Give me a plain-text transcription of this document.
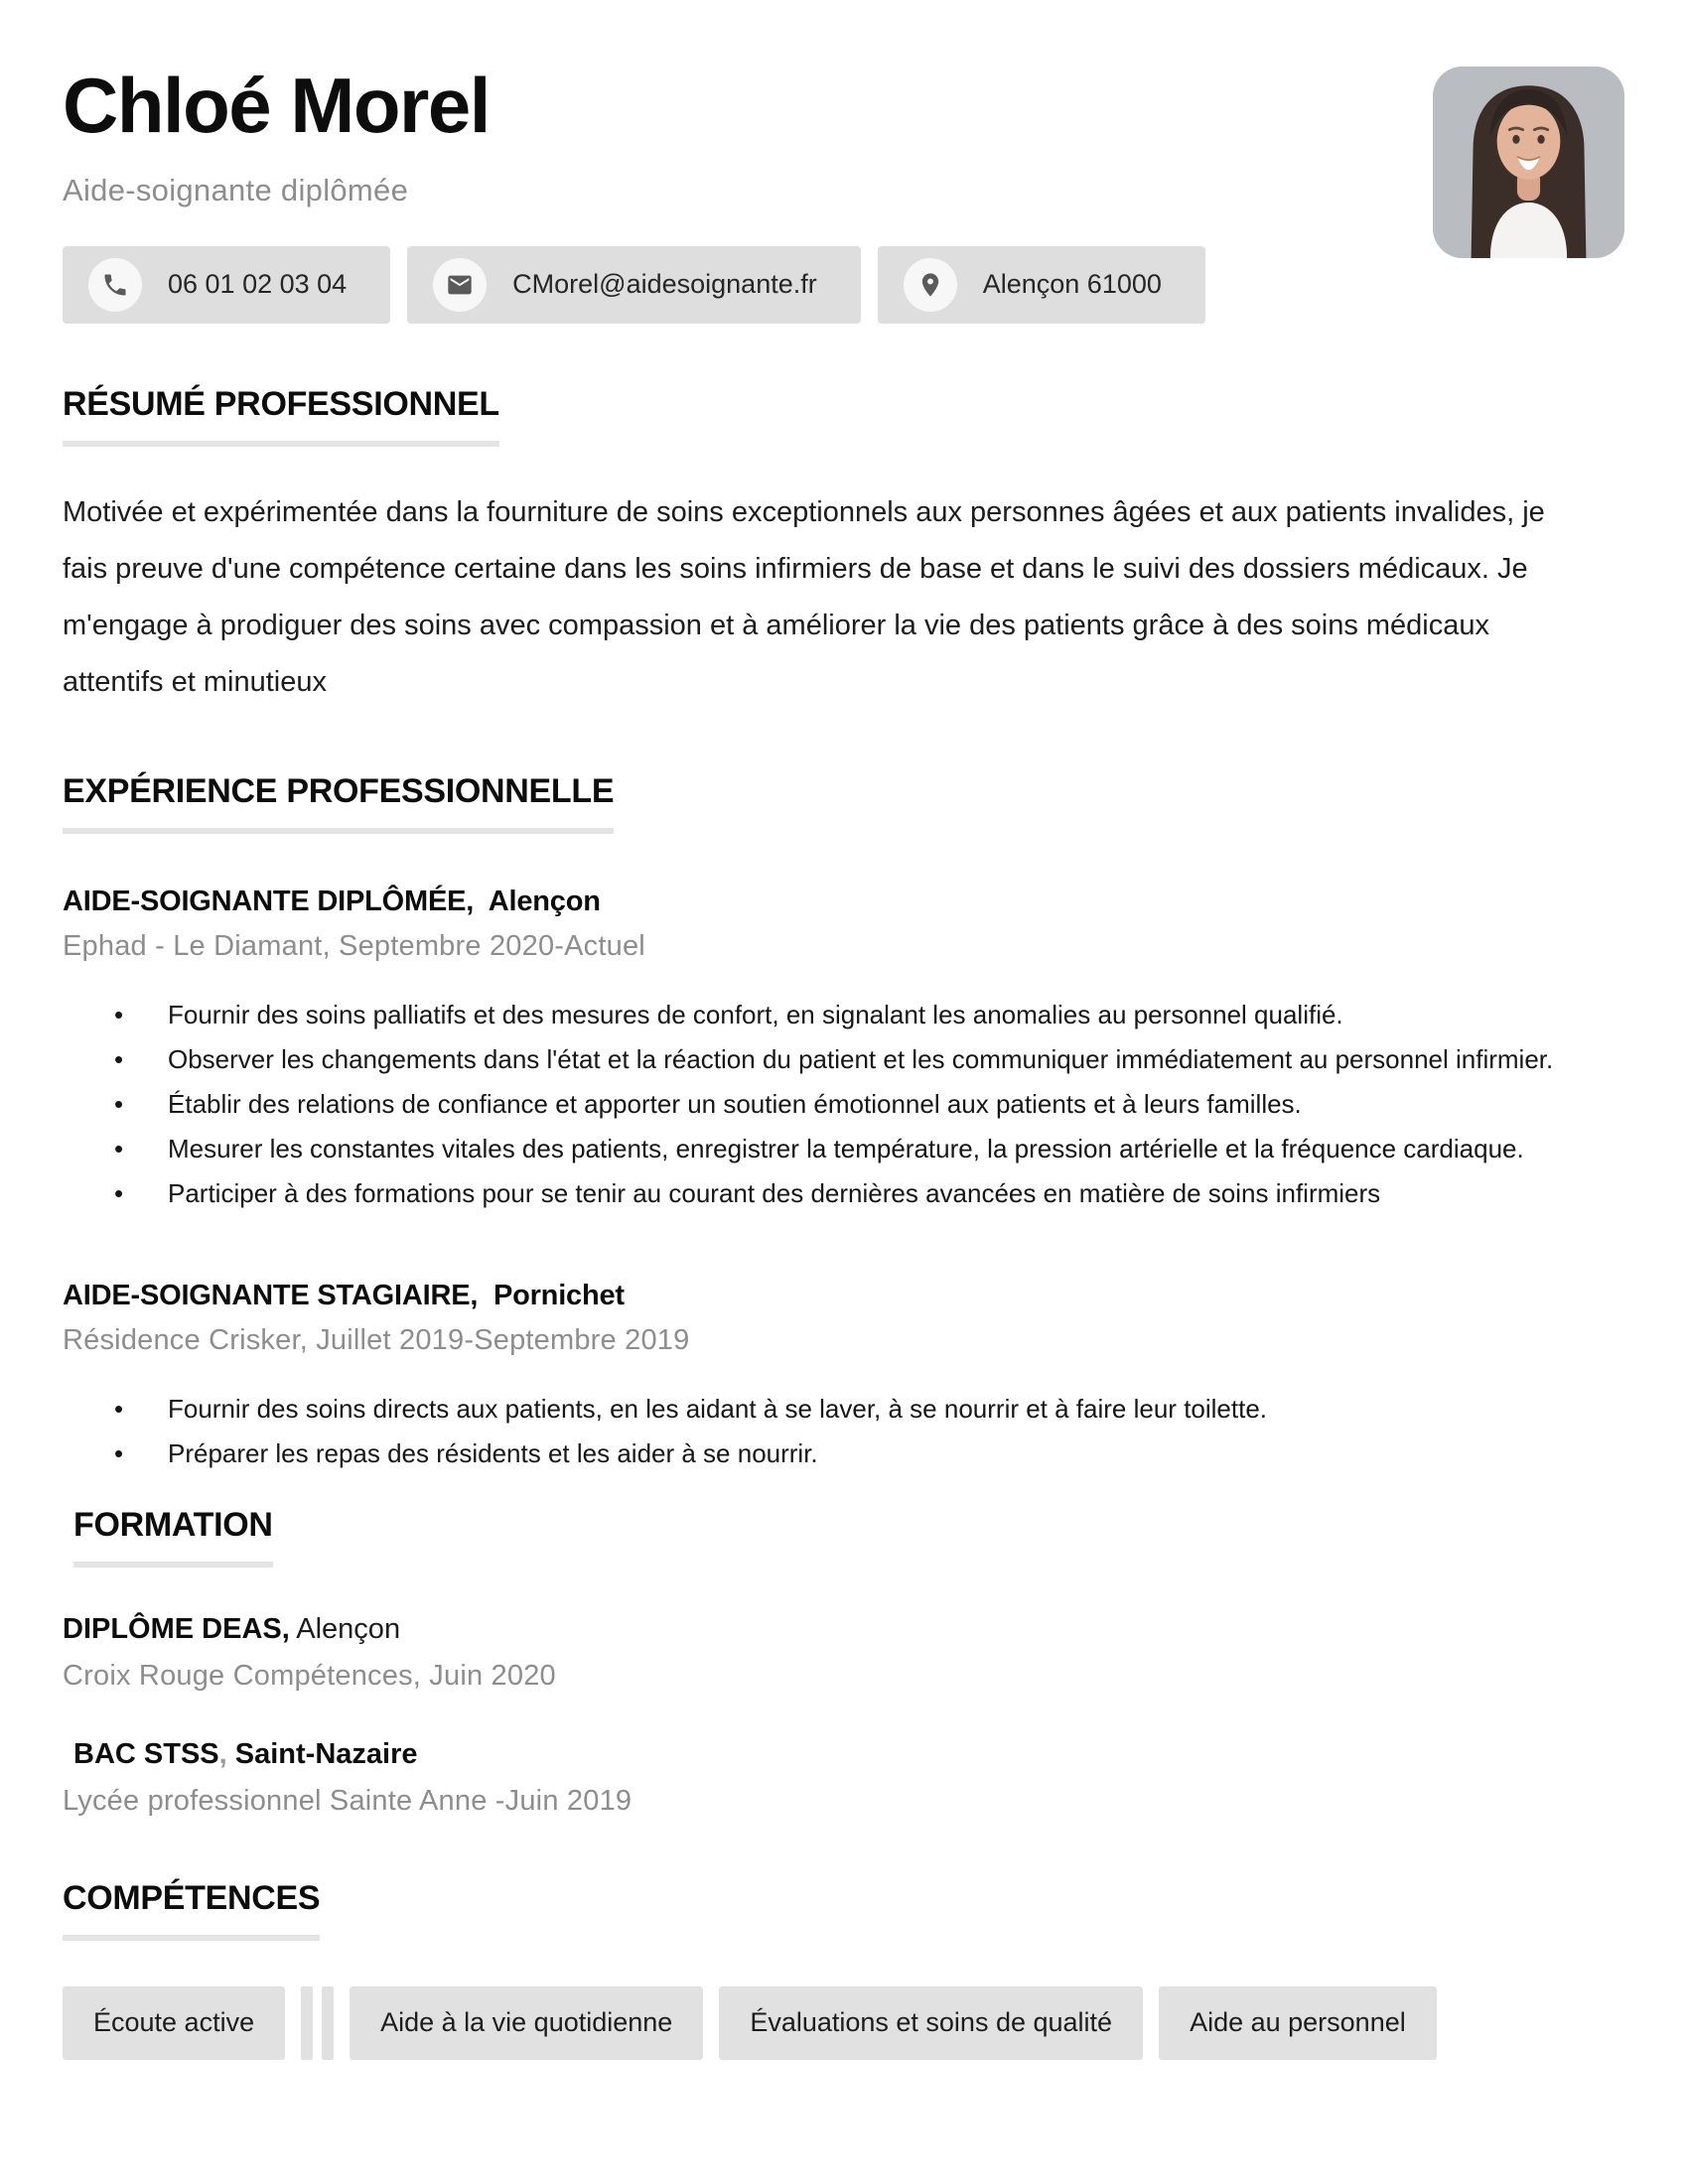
Chloé Morel
Aide-soignante diplômée
06 01 02 03 04	CMorel@aidesoignante.fr	Alençon 61000
RÉSUMÉ PROFESSIONNEL

Motivée et expérimentée dans la fourniture de soins exceptionnels aux personnes âgées et aux patients invalides, je fais preuve d'une compétence certaine dans les soins infirmiers de base et dans le suivi des dossiers médicaux. Je m'engage à prodiguer des soins avec compassion et à améliorer la vie des patients grâce à des soins médicaux attentifs et minutieux

EXPÉRIENCE PROFESSIONNELLE
AIDE-SOIGNANTE DIPLÔMÉE, Alençon
Ephad - Le Diamant, Septembre 2020-Actuel
• Fournir des soins palliatifs et des mesures de confort, en signalant les anomalies au personnel qualifié.
• Observer les changements dans l'état et la réaction du patient et les communiquer immédiatement au personnel infirmier.
• Établir des relations de confiance et apporter un soutien émotionnel aux patients et à leurs familles.
• Mesurer les constantes vitales des patients, enregistrer la température, la pression artérielle et la fréquence cardiaque.
• Participer à des formations pour se tenir au courant des dernières avancées en matière de soins infirmiers
AIDE-SOIGNANTE STAGIAIRE, Pornichet
Résidence Crisker, Juillet 2019-Septembre 2019
• Fournir des soins directs aux patients, en les aidant à se laver, à se nourrir et à faire leur toilette.
• Préparer les repas des résidents et les aider à se nourrir.
FORMATION
DIPLÔME DEAS, Alençon
Croix Rouge Compétences, Juin 2020
BAC STSS, Saint-Nazaire
Lycée professionnel Sainte Anne -Juin 2019
COMPÉTENCES
Écoute active	Aide à la vie quotidienne	Évaluations et soins de qualité	Aide au personnel
